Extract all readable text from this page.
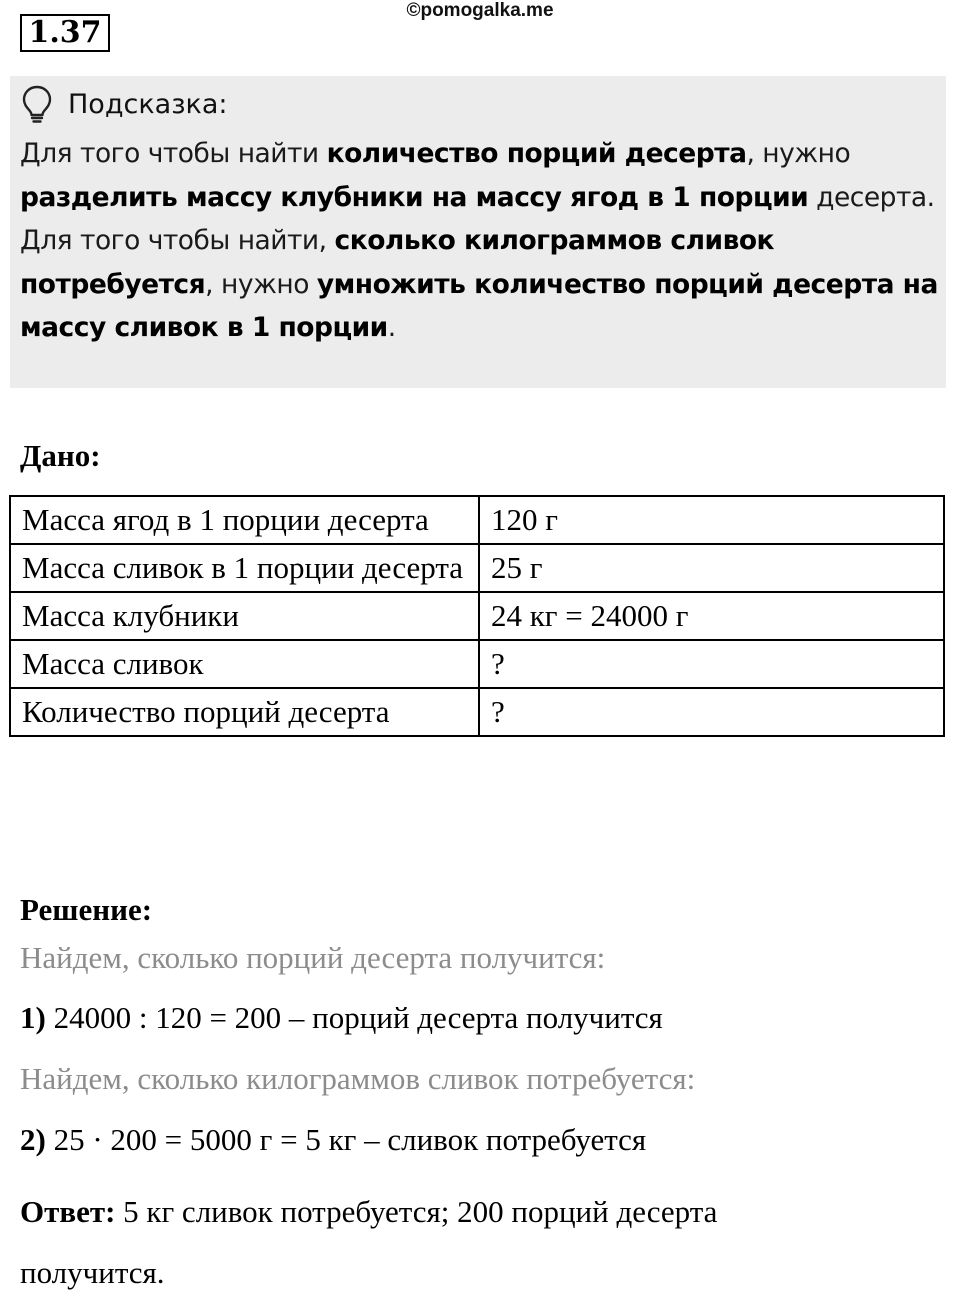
©pomogalka.me
1.37
Подсказка:
Для того чтобы найти количество порций десерта, нужно разделить массу клубники на массу ягод в 1 порции десерта.
Для того чтобы найти, сколько килограммов сливок потребуется, нужно умножить количество порций десерта на массу сливок в 1 порции.
Дано:
Масса ягод в 1 порции десерта	120 г
Масса сливок в 1 порции десерта	25 г
Масса клубники	24 кг = 24000 г
Масса сливок	?
Количество порций десерта	?
Решение:
Найдем, сколько порций десерта получится:
1) 24000 : 120 = 200 – порций десерта получится
Найдем, сколько килограммов сливок потребуется:
2) 25 · 200 = 5000 г = 5 кг – сливок потребуется
Ответ: 5 кг сливок потребуется; 200 порций десерта получится.
